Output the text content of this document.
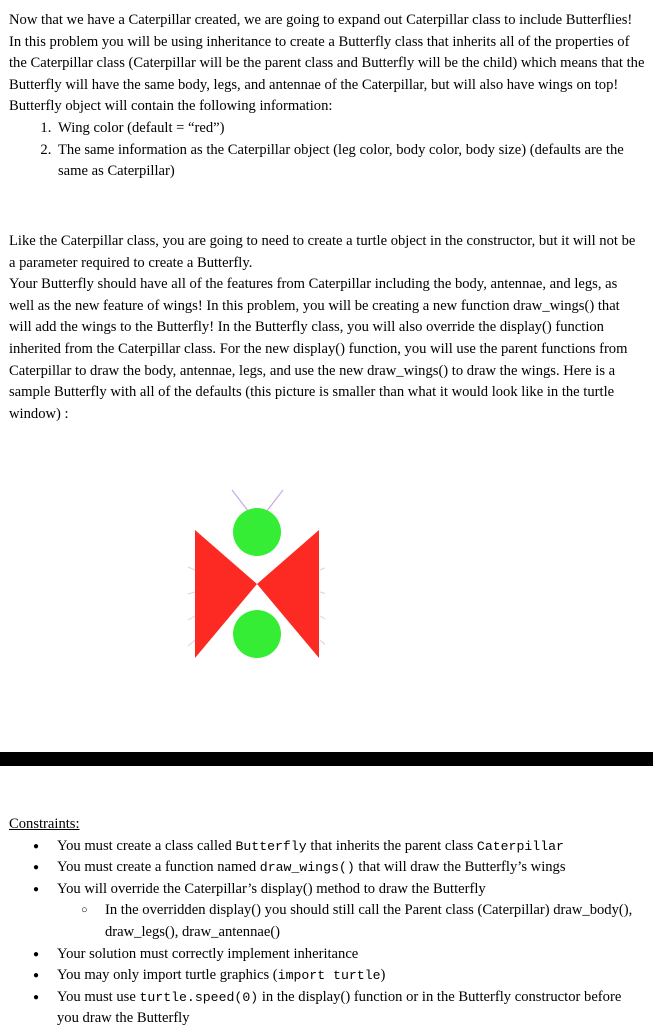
Now that we have a Caterpillar created, we are going to expand out Caterpillar class to include Butterflies! In this problem you will be using inheritance to create a Butterfly class that inherits all of the properties of the Caterpillar class (Caterpillar will be the parent class and Butterfly will be the child) which means that the Butterfly will have the same body, legs, and antennae of the Caterpillar, but will also have wings on top! Butterfly object will contain the following information:

1. Wing color (default = “red”)
2. The same information as the Caterpillar object (leg color, body color, body size) (defaults are the same as Caterpillar)

Like the Caterpillar class, you are going to need to create a turtle object in the constructor, but it will not be a parameter required to create a Butterfly.

Your Butterfly should have all of the features from Caterpillar including the body, antennae, and legs, as well as the new feature of wings! In this problem, you will be creating a new function draw_wings() that will add the wings to the Butterfly! In the Butterfly class, you will also override the display() function inherited from the Caterpillar class. For the new display() function, you will use the parent functions from Caterpillar to draw the body, antennae, legs, and use the new draw_wings() to draw the wings. Here is a sample Butterfly with all of the defaults (this picture is smaller than what it would look like in the turtle window) :

Constraints:

● You must create a class called Butterfly that inherits the parent class Caterpillar
● You must create a function named draw_wings() that will draw the Butterfly’s wings
● You will override the Caterpillar’s display() method to draw the Butterfly
○ In the overridden display() you should still call the Parent class (Caterpillar) draw_body(), draw_legs(), draw_antennae()
● Your solution must correctly implement inheritance
● You may only import turtle graphics (import turtle)
● You must use turtle.speed(0) in the display() function or in the Butterfly constructor before you draw the Butterfly
